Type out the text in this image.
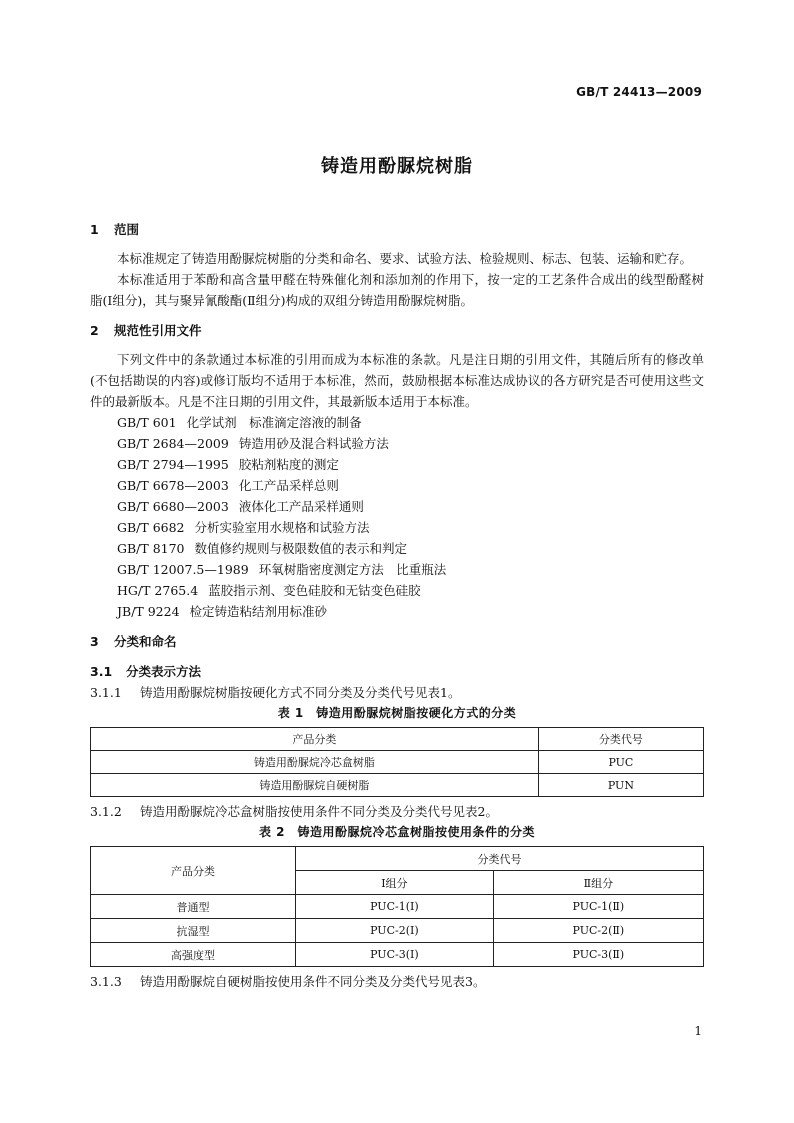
GB/T 24413—2009
铸造用酚脲烷树脂

1 范围

本标准规定了铸造用酚脲烷树脂的分类和命名、要求、试验方法、检验规则、标志、包装、运输和贮存。

本标准适用于苯酚和高含量甲醛在特殊催化剂和添加剂的作用下，按一定的工艺条件合成出的线型酚醛树脂(Ⅰ组分)，其与聚异氰酸酯(Ⅱ组分)构成的双组分铸造用酚脲烷树脂。

2 规范性引用文件

下列文件中的条款通过本标准的引用而成为本标准的条款。凡是注日期的引用文件，其随后所有的修改单(不包括勘误的内容)或修订版均不适用于本标准，然而，鼓励根据本标准达成协议的各方研究是否可使用这些文件的最新版本。凡是不注日期的引用文件，其最新版本适用于本标准。

GB/T 601 化学试剂　标准滴定溶液的制备
GB/T 2684—2009 铸造用砂及混合料试验方法
GB/T 2794—1995 胶粘剂粘度的测定
GB/T 6678—2003 化工产品采样总则
GB/T 6680—2003 液体化工产品采样通则
GB/T 6682 分析实验室用水规格和试验方法
GB/T 8170 数值修约规则与极限数值的表示和判定
GB/T 12007.5—1989 环氧树脂密度测定方法　比重瓶法
HG/T 2765.4 蓝胶指示剂、变色硅胶和无钴变色硅胶
JB/T 9224 检定铸造粘结剂用标准砂

3 分类和命名

3.1 分类表示方法

3.1.1 铸造用酚脲烷树脂按硬化方式不同分类及分类代号见表1。

表 1　铸造用酚脲烷树脂按硬化方式的分类

产品分类	分类代号
铸造用酚脲烷冷芯盒树脂	PUC
铸造用酚脲烷自硬树脂	PUN

3.1.2 铸造用酚脲烷冷芯盒树脂按使用条件不同分类及分类代号见表2。

表 2　铸造用酚脲烷冷芯盒树脂按使用条件的分类

产品分类	分类代号	
	Ⅰ组分	Ⅱ组分
普通型	PUC-1(Ⅰ)	PUC-1(Ⅱ)
抗湿型	PUC-2(Ⅰ)	PUC-2(Ⅱ)
高强度型	PUC-3(Ⅰ)	PUC-3(Ⅱ)

3.1.3 铸造用酚脲烷自硬树脂按使用条件不同分类及分类代号见表3。

1
